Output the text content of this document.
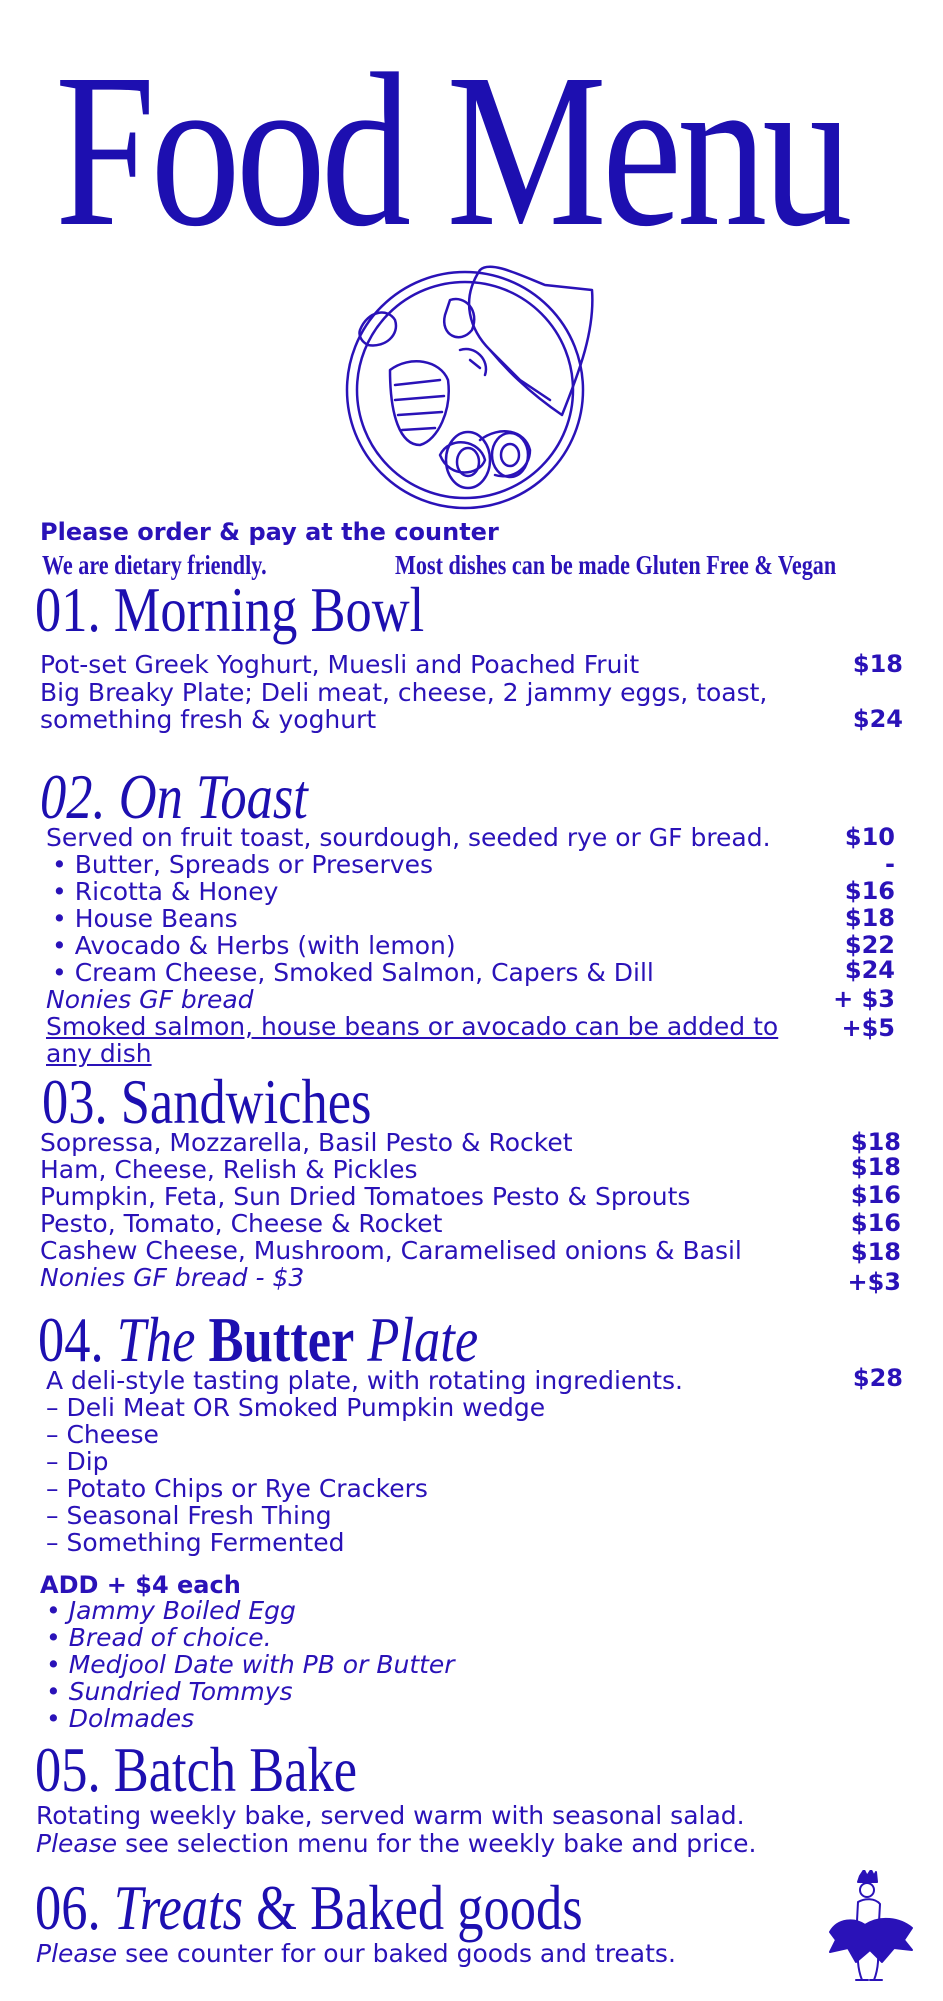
Food Menu
Please order & pay at the counter
We are dietary friendly.	Most dishes can be made Gluten Free & Vegan
01. Morning Bowl
Pot-set Greek Yoghurt, Muesli and Poached Fruit	$18
Big Breaky Plate; Deli meat, cheese, 2 jammy eggs, toast,
something fresh & yoghurt	$24
02. On Toast
Served on fruit toast, sourdough, seeded rye or GF bread.	$10
• Butter, Spreads or Preserves	-
• Ricotta & Honey	$16
• House Beans	$18
• Avocado & Herbs (with lemon)	$22
• Cream Cheese, Smoked Salmon, Capers & Dill	$24
Nonies GF bread	+ $3
Smoked salmon, house beans or avocado can be added to	+$5
any dish
03. Sandwiches
Sopressa, Mozzarella, Basil Pesto & Rocket	$18
Ham, Cheese, Relish & Pickles	$18
Pumpkin, Feta, Sun Dried Tomatoes Pesto & Sprouts	$16
Pesto, Tomato, Cheese & Rocket	$16
Cashew Cheese, Mushroom, Caramelised onions & Basil	$18
Nonies GF bread - $3	+$3
04. The Butter Plate
A deli-style tasting plate, with rotating ingredients.	$28
– Deli Meat OR Smoked Pumpkin wedge
– Cheese
– Dip
– Potato Chips or Rye Crackers
– Seasonal Fresh Thing
– Something Fermented
ADD + $4 each
• Jammy Boiled Egg
• Bread of choice.
• Medjool Date with PB or Butter
• Sundried Tommys
• Dolmades
05. Batch Bake
Rotating weekly bake, served warm with seasonal salad.
Please see selection menu for the weekly bake and price.
06. Treats & Baked goods
Please see counter for our baked goods and treats.
